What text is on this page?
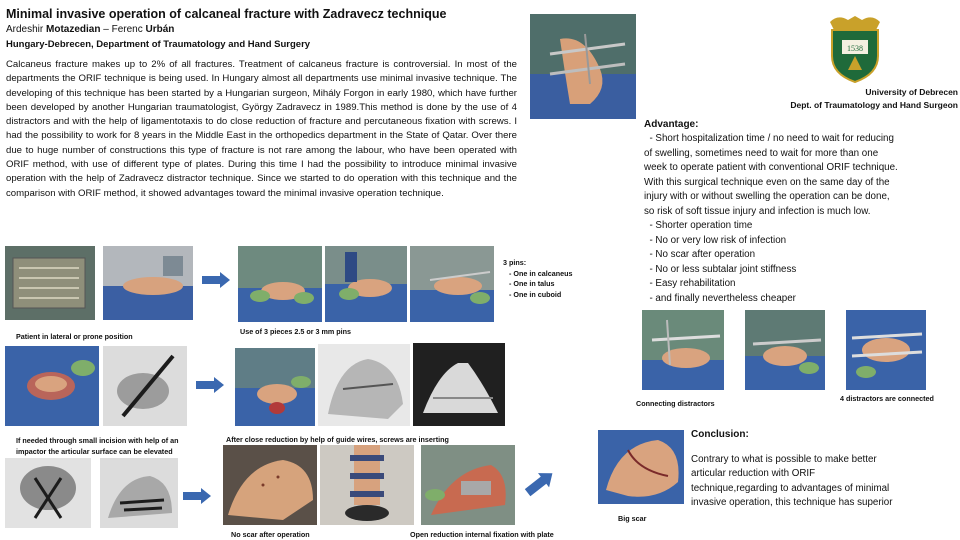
Minimal invasive operation of calcaneal fracture with Zadravecz technique
Ardeshir Motazedian – Ferenc Urbán
Hungary-Debrecen, Department of Traumatology and Hand Surgery
Calcaneus fracture makes up to 2% of all fractures. Treatment of calcaneus fracture is controversial. In most of the departments the ORIF technique is being used. In Hungary almost all departments use minimal invasive technique. The developing of this technique has been started by a Hungarian surgeon, Mihály Forgon in early 1980, which have further been developed by another Hungarian traumatologist, György Zadravecz in 1989.This method is done by the use of 4 distractors and with the help of ligamentotaxis to do close reduction of fracture and percutaneous fixation with screws. I had the possibility to work for 8 years in the Middle East in the orthopedics department in the State of Qatar. Over there due to huge number of constructions this type of fracture is not rare among the labour, who have been operated with ORIF method, with use of different type of plates. During this time I had the possibility to introduce minimal invasive operation with the help of Zadravecz distractor technique. Since we started to do operation with this technique and the comparison with ORIF method, it showed advantages toward the minimal invasive operation technique.
1538
University of Debrecen
Dept. of Traumatology and Hand Surgeon
Advantage:
- Short hospitalization time / no need to wait for reducing
of swelling, sometimes need to wait for more than one
week to operate patient with conventional ORIF technique.
With this surgical technique even on the same day of the
injury with or without swelling the operation can be done,
so risk of soft tissue injury and infection is much low.
- Shorter operation time
- No or very low risk of infection
- No scar after operation
- No or less subtalar joint stiffness
- Easy rehabilitation
- and finally nevertheless cheaper
3 pins:
- One in calcaneus
- One in talus
- One in cuboid
Patient in lateral or prone position
Use of 3 pieces 2.5 or 3 mm pins
If needed through small incision with help of an
impactor the articular surface can be elevated
After close reduction by help of guide wires, screws are inserting
No scar after operation	Open reduction internal fixation with plate
Connecting distractors
4 distractors are connected
Big scar
Conclusion:
Contrary to what is possible to make better
articular reduction with ORIF
technique,regarding to advantages of minimal
invasive operation, this technique has superior
